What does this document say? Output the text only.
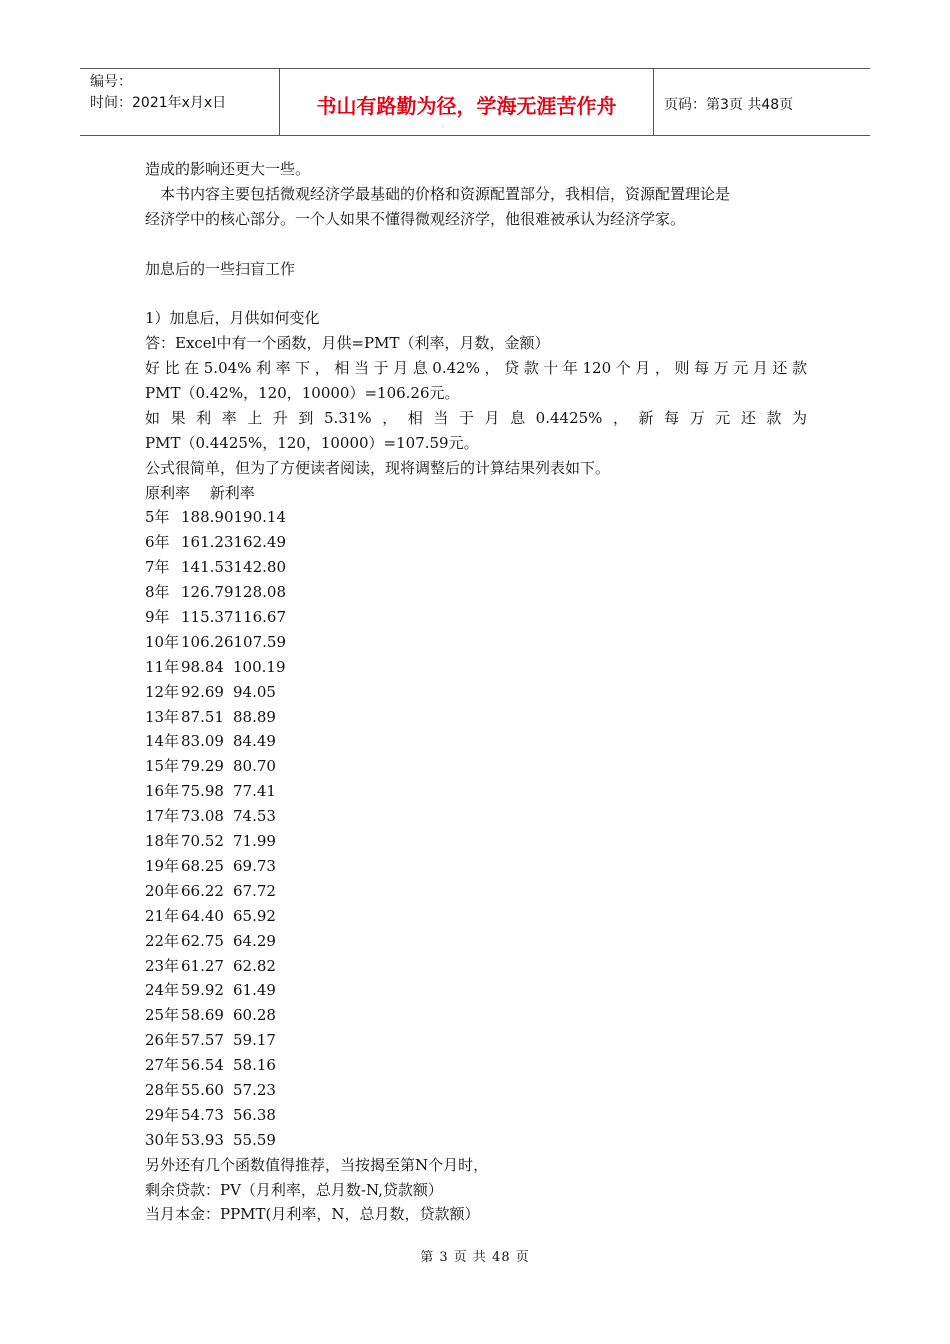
编号：
时间：2021年x月x日	书山有路勤为径，学海无涯苦作舟	页码：第3页 共48页
造成的影响还更大一些。
本书内容主要包括微观经济学最基础的价格和资源配置部分，我相信，资源配置理论是
经济学中的核心部分。一个人如果不懂得微观经济学，他很难被承认为经济学家。
加息后的一些扫盲工作
1）加息后，月供如何变化
答：Excel中有一个函数，月供=PMT（利率，月数，金额）
好比在5.04%利率下，相当于月息0.42%，贷款十年120个月，则每万元月还款
PMT（0.42%，120，10000）=106.26元。
如果利率上升到5.31%，相当于月息0.4425%，新每万元还款为
PMT（0.4425%，120，10000）=107.59元。
公式很简单，但为了方便读者阅读，现将调整后的计算结果列表如下。
原利率　 新利率
5年 188.90190.14
6年 161.23162.49
7年 141.53142.80
8年 126.79128.08
9年 115.37116.67
10年 106.26107.59
11年 98.84 100.19
12年 92.69 94.05
13年 87.51 88.89
14年 83.09 84.49
15年 79.29 80.70
16年 75.98 77.41
17年 73.08 74.53
18年 70.52 71.99
19年 68.25 69.73
20年 66.22 67.72
21年 64.40 65.92
22年 62.75 64.29
23年 61.27 62.82
24年 59.92 61.49
25年 58.69 60.28
26年 57.57 59.17
27年 56.54 58.16
28年 55.60 57.23
29年 54.73 56.38
30年 53.93 55.59
另外还有几个函数值得推荐，当按揭至第N个月时，
剩余贷款：PV（月利率，总月数-N,贷款额）
当月本金：PPMT(月利率，N，总月数，贷款额）
第 3 页 共 48 页
